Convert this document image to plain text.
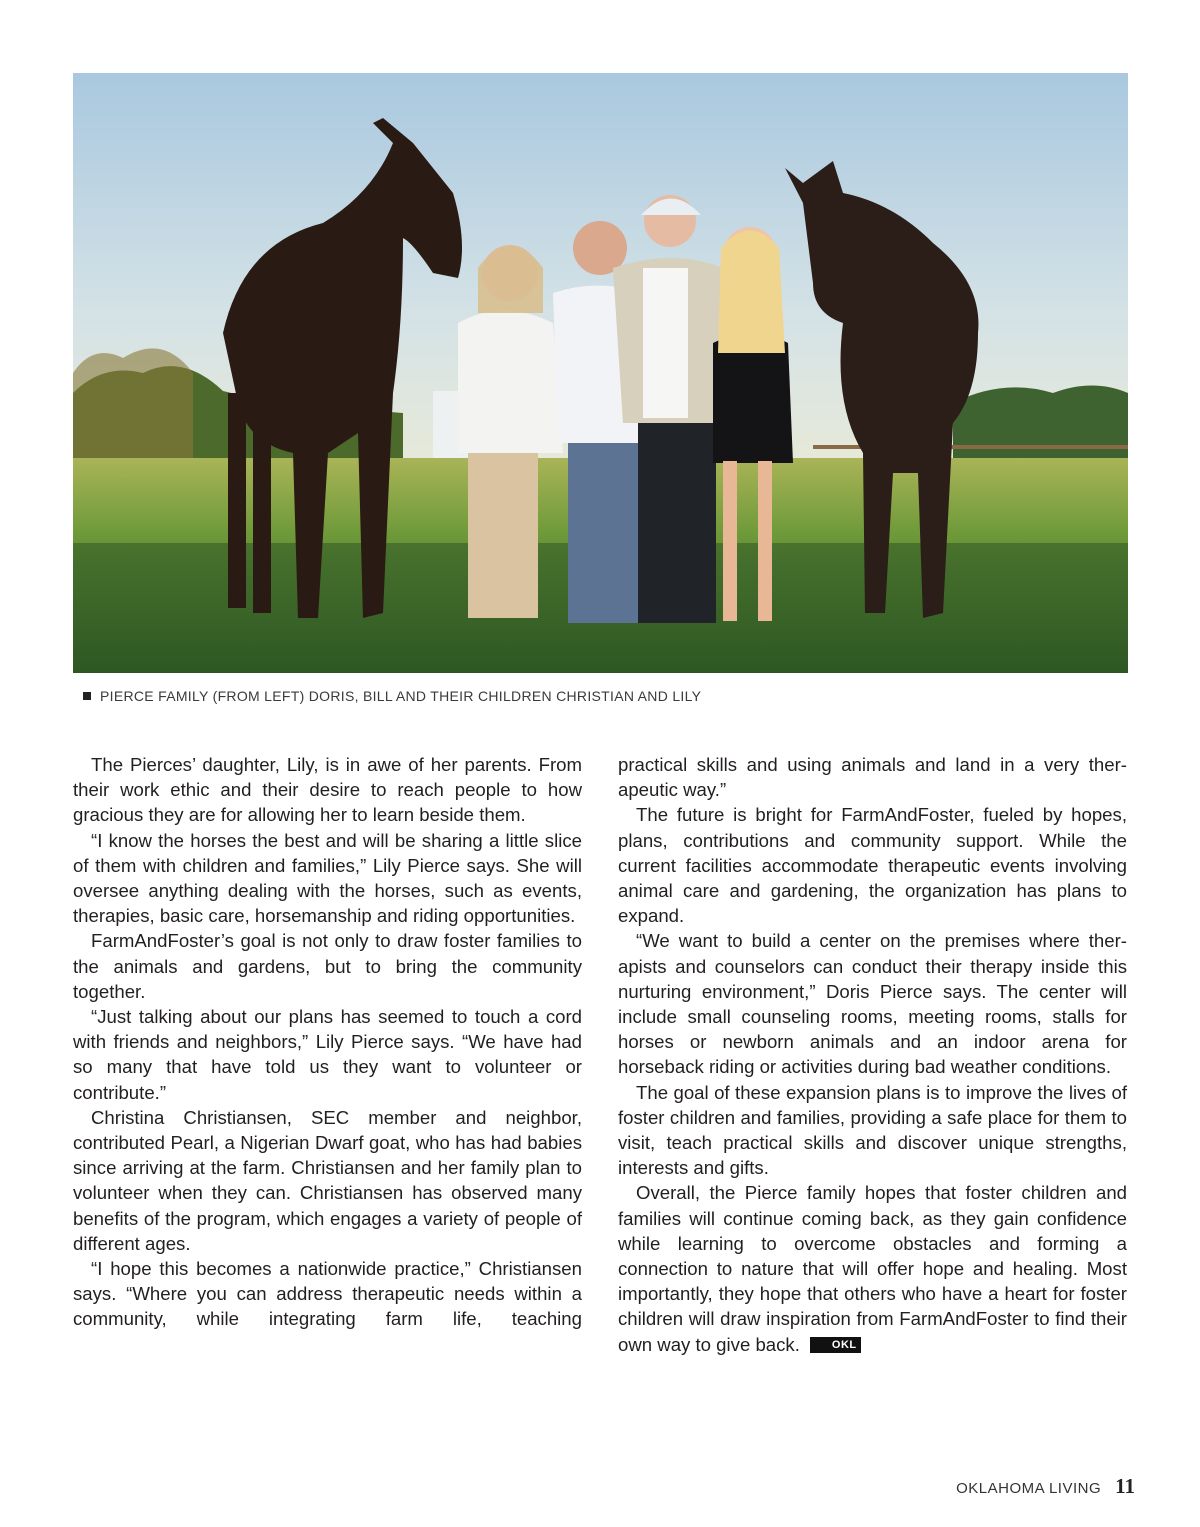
PIERCE FAMILY (FROM LEFT) DORIS, BILL AND THEIR CHILDREN CHRISTIAN AND LILY

The Pierces’ daughter, Lily, is in awe of her parents. From their work ethic and their desire to reach people to how gracious they are for allowing her to learn beside them.

“I know the horses the best and will be sharing a little slice of them with children and families,” Lily Pierce says. She will oversee anything dealing with the horses, such as events, therapies, basic care, horsemanship and riding opportunities.

FarmAndFoster’s goal is not only to draw foster families to the animals and gardens, but to bring the community together.

“Just talking about our plans has seemed to touch a cord with friends and neighbors,” Lily Pierce says. “We have had so many that have told us they want to volunteer or contribute.”

Christina Christiansen, SEC member and neighbor, contributed Pearl, a Nigerian Dwarf goat, who has had babies since arriving at the farm. Christiansen and her family plan to volunteer when they can. Christiansen has observed many benefits of the program, which engages a variety of people of different ages.

“I hope this becomes a nationwide practice,” Christiansen says. “Where you can address therapeutic needs within a community, while integrating farm life, teaching

practical skills and using animals and land in a very therapeutic way.”

The future is bright for FarmAndFoster, fueled by hopes, plans, contributions and community support. While the current facilities accommodate therapeutic events involving animal care and gardening, the organization has plans to expand.

“We want to build a center on the premises where therapists and counselors can conduct their therapy inside this nurturing environment,” Doris Pierce says. The center will include small counseling rooms, meeting rooms, stalls for horses or newborn animals and an indoor arena for horseback riding or activities during bad weather conditions.

The goal of these expansion plans is to improve the lives of foster children and families, providing a safe place for them to visit, teach practical skills and discover unique strengths, interests and gifts.

Overall, the Pierce family hopes that foster children and families will continue coming back, as they gain confidence while learning to overcome obstacles and forming a connection to nature that will offer hope and healing. Most importantly, they hope that others who have a heart for foster children will draw inspiration from FarmAndFoster to find their own way to give back.	OKL

OKLAHOMA LIVING 11
